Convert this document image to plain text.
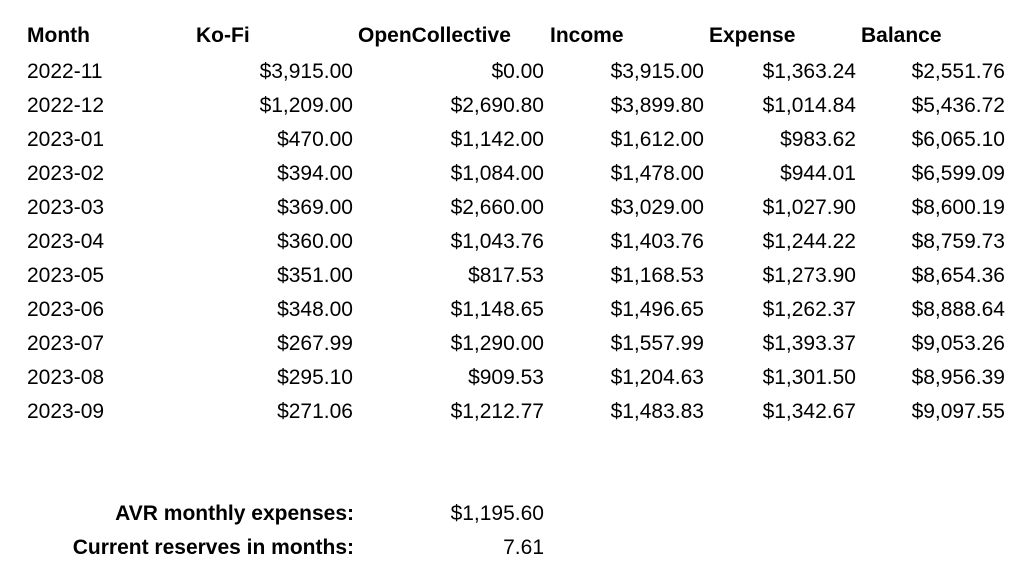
Month	Ko-Fi	OpenCollective	Income	Expense	Balance
2022-11	$3,915.00	$0.00	$3,915.00	$1,363.24	$2,551.76
2022-12	$1,209.00	$2,690.80	$3,899.80	$1,014.84	$5,436.72
2023-01	$470.00	$1,142.00	$1,612.00	$983.62	$6,065.10
2023-02	$394.00	$1,084.00	$1,478.00	$944.01	$6,599.09
2023-03	$369.00	$2,660.00	$3,029.00	$1,027.90	$8,600.19
2023-04	$360.00	$1,043.76	$1,403.76	$1,244.22	$8,759.73
2023-05	$351.00	$817.53	$1,168.53	$1,273.90	$8,654.36
2023-06	$348.00	$1,148.65	$1,496.65	$1,262.37	$8,888.64
2023-07	$267.99	$1,290.00	$1,557.99	$1,393.37	$9,053.26
2023-08	$295.10	$909.53	$1,204.63	$1,301.50	$8,956.39
2023-09	$271.06	$1,212.77	$1,483.83	$1,342.67	$9,097.55
AVR monthly expenses:	$1,195.60
Current reserves in months:	7.61
